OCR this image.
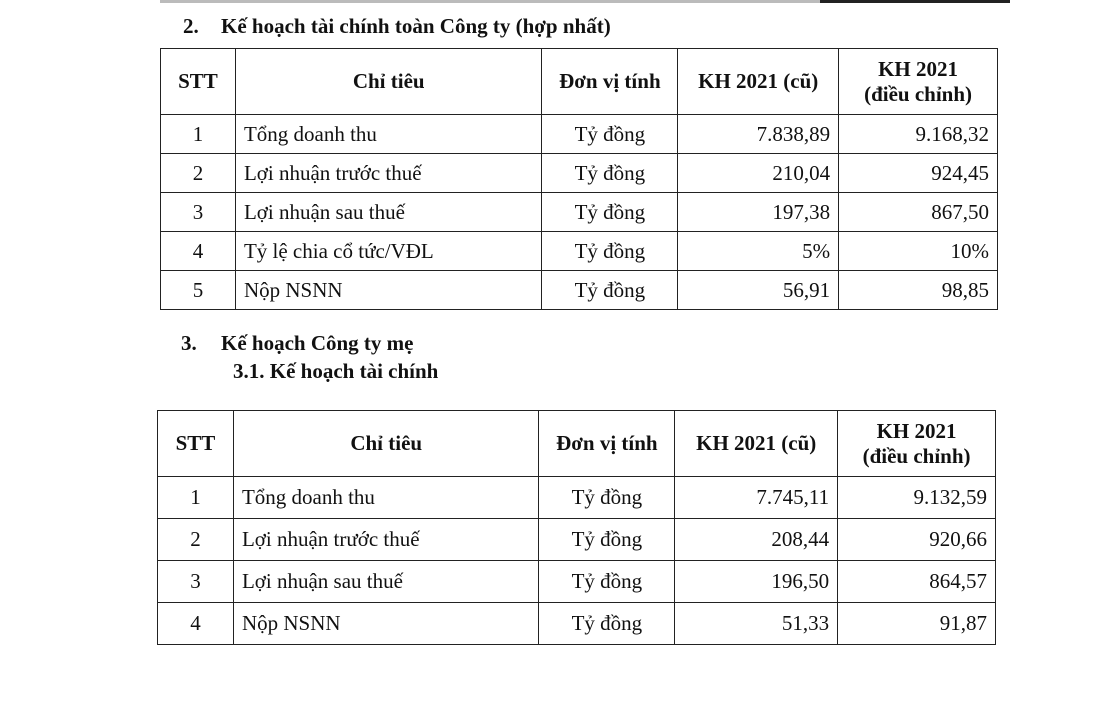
2. Kế hoạch tài chính toàn Công ty (hợp nhất)
STT	Chỉ tiêu	Đơn vị tính	KH 2021 (cũ)	KH 2021
(điều chỉnh)

1	Tổng doanh thu	Tỷ đồng	7.838,89	9.168,32
2	Lợi nhuận trước thuế	Tỷ đồng	210,04	924,45
3	Lợi nhuận sau thuế	Tỷ đồng	197,38	867,50
4	Tỷ lệ chia cổ tức/VĐL	Tỷ đồng	5%	10%
5	Nộp NSNN	Tỷ đồng	56,91	98,85
3. Kế hoạch Công ty mẹ
3.1. Kế hoạch tài chính
STT	Chỉ tiêu	Đơn vị tính	KH 2021 (cũ)	KH 2021
(điều chỉnh)

1	Tổng doanh thu	Tỷ đồng	7.745,11	9.132,59
2	Lợi nhuận trước thuế	Tỷ đồng	208,44	920,66
3	Lợi nhuận sau thuế	Tỷ đồng	196,50	864,57
4	Nộp NSNN	Tỷ đồng	51,33	91,87
